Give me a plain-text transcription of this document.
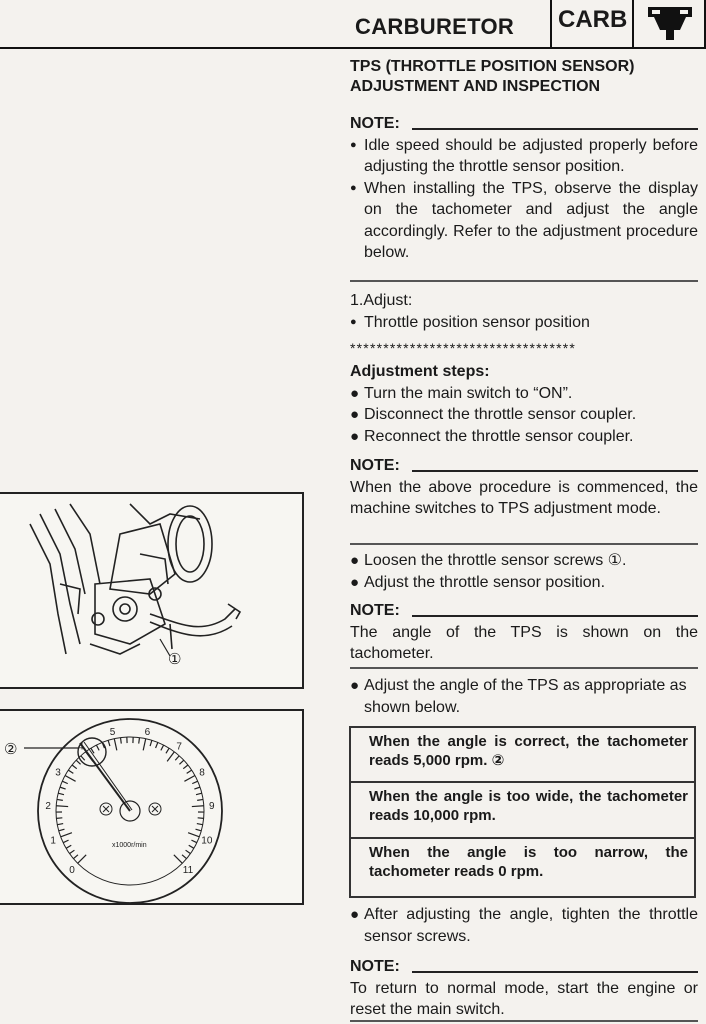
CARBURETOR	CARB
TPS (THROTTLE POSITION SENSOR) ADJUSTMENT AND INSPECTION
NOTE:
● Idle speed should be adjusted properly before adjusting the throttle sensor position.
● When installing the TPS, observe the display on the tachometer and adjust the angle accordingly. Refer to the adjustment procedure below.
1.Adjust:
● Throttle position sensor position
**********************************
Adjustment steps:
● Turn the main switch to “ON”.
● Disconnect the throttle sensor coupler.
● Reconnect the throttle sensor coupler.
NOTE:
When the above procedure is commenced, the machine switches to TPS adjustment mode.
● Loosen the throttle sensor screws ①.
● Adjust the throttle sensor position.
NOTE:
The angle of the TPS is shown on the tachometer.
● Adjust the angle of the TPS as appropriate as shown below.
When the angle is correct, the tachometer reads 5,000 rpm. ②
When the angle is too wide, the tachometer reads 10,000 rpm.
When the angle is too narrow, the tachometer reads 0 rpm.
● After adjusting the angle, tighten the throttle sensor screws.
NOTE:
To return to normal mode, start the engine or reset the main switch.
①
0
1
2
3
4
5	6
7
8
9
10
11
②
x1000r/min
